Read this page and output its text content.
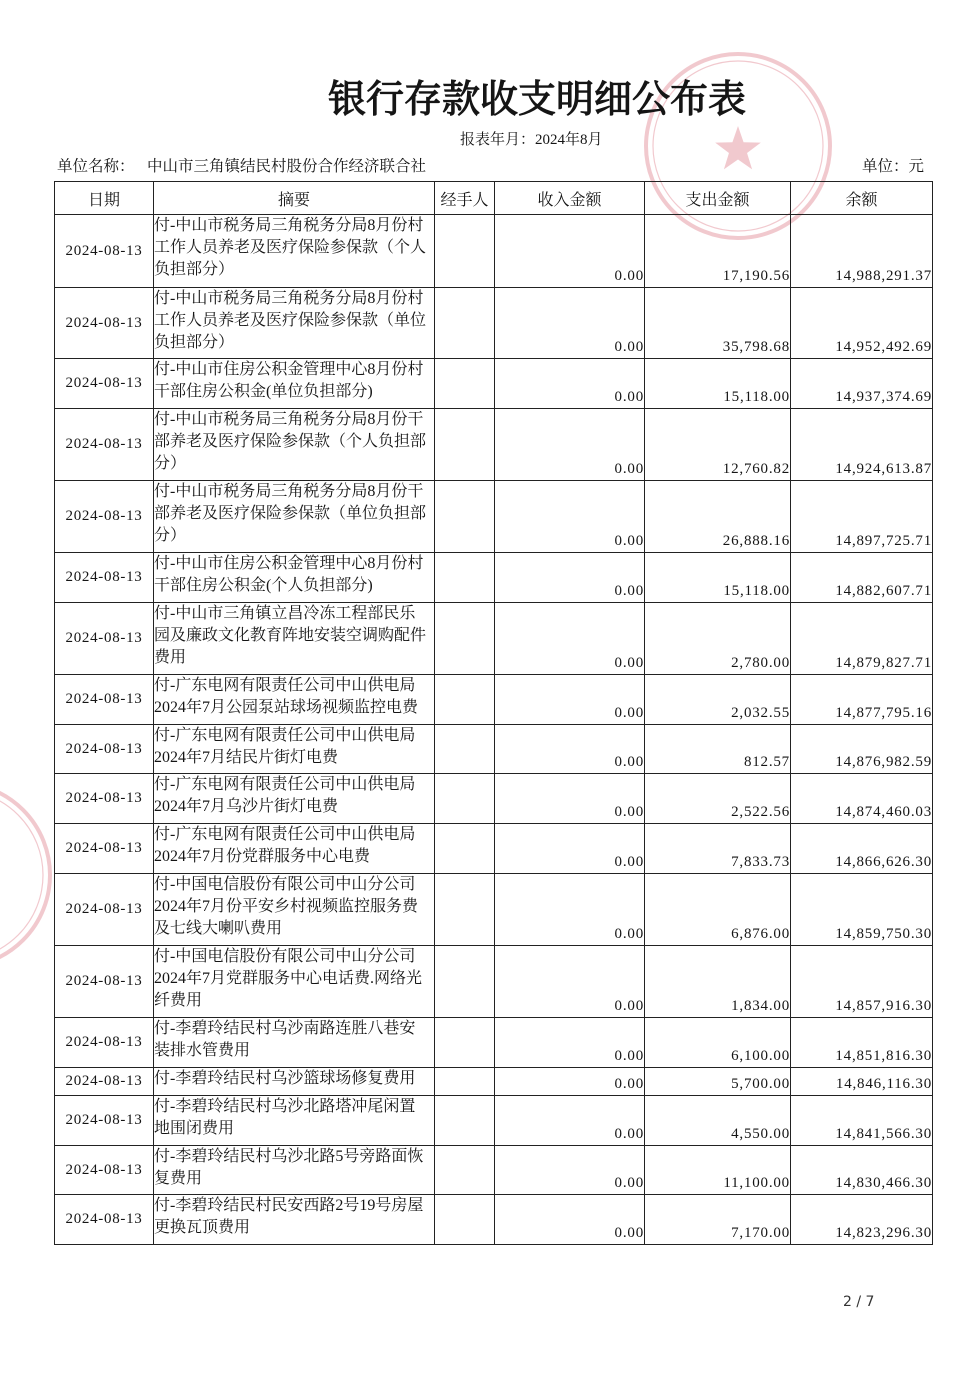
银行存款收支明细公布表
报表年月：2024年8月
单位名称： 中山市三角镇结民村股份合作经济联合社	单位：元
日期	摘要	经手人	收入金额	支出金额	余额
2024-08-13	付-中山市税务局三角税务分局8月份村
工作人员养老及医疗保险参保款（个人
负担部分）		0.00	17,190.56	14,988,291.37
2024-08-13	付-中山市税务局三角税务分局8月份村
工作人员养老及医疗保险参保款（单位
负担部分）		0.00	35,798.68	14,952,492.69
2024-08-13	付-中山市住房公积金管理中心8月份村
干部住房公积金(单位负担部分)		0.00	15,118.00	14,937,374.69
2024-08-13	付-中山市税务局三角税务分局8月份干
部养老及医疗保险参保款（个人负担部
分）		0.00	12,760.82	14,924,613.87
2024-08-13	付-中山市税务局三角税务分局8月份干
部养老及医疗保险参保款（单位负担部
分）		0.00	26,888.16	14,897,725.71
2024-08-13	付-中山市住房公积金管理中心8月份村
干部住房公积金(个人负担部分)		0.00	15,118.00	14,882,607.71
2024-08-13	付-中山市三角镇立昌冷冻工程部民乐
园及廉政文化教育阵地安装空调购配件
费用		0.00	2,780.00	14,879,827.71
2024-08-13	付-广东电网有限责任公司中山供电局
2024年7月公园泵站球场视频监控电费		0.00	2,032.55	14,877,795.16
2024-08-13	付-广东电网有限责任公司中山供电局
2024年7月结民片街灯电费		0.00	812.57	14,876,982.59
2024-08-13	付-广东电网有限责任公司中山供电局
2024年7月乌沙片街灯电费		0.00	2,522.56	14,874,460.03
2024-08-13	付-广东电网有限责任公司中山供电局
2024年7月份党群服务中心电费		0.00	7,833.73	14,866,626.30
2024-08-13	付-中国电信股份有限公司中山分公司
2024年7月份平安乡村视频监控服务费
及七线大喇叭费用		0.00	6,876.00	14,859,750.30
2024-08-13	付-中国电信股份有限公司中山分公司
2024年7月党群服务中心电话费.网络光
纤费用		0.00	1,834.00	14,857,916.30
2024-08-13	付-李碧玲结民村乌沙南路连胜八巷安
装排水管费用		0.00	6,100.00	14,851,816.30
2024-08-13	付-李碧玲结民村乌沙篮球场修复费用		0.00	5,700.00	14,846,116.30
2024-08-13	付-李碧玲结民村乌沙北路塔冲尾闲置
地围闭费用		0.00	4,550.00	14,841,566.30
2024-08-13	付-李碧玲结民村乌沙北路5号旁路面恢
复费用		0.00	11,100.00	14,830,466.30
2024-08-13	付-李碧玲结民村民安西路2号19号房屋
更换瓦顶费用		0.00	7,170.00	14,823,296.30
2 / 7
